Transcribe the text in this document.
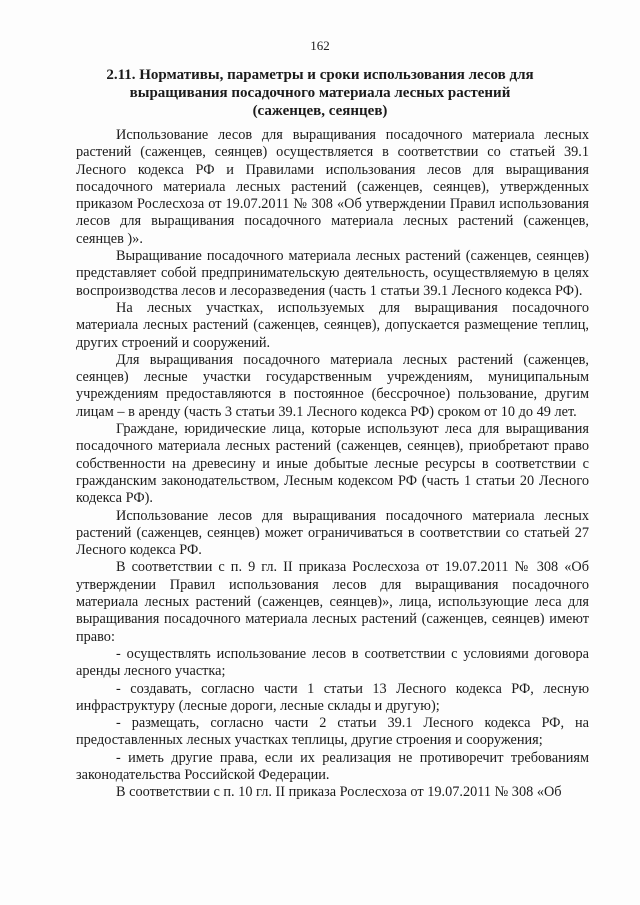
162
2.11. Нормативы, параметры и сроки использования лесов для выращивания посадочного материала лесных растений (саженцев, сеянцев)

Использование лесов для выращивания посадочного материала лесных растений (саженцев, сеянцев) осуществляется в соответствии со статьей 39.1 Лесного кодекса РФ и Правилами использования лесов для выращивания посадочного материала лесных растений (саженцев, сеянцев), утвержденных приказом Рослесхоза от 19.07.2011 № 308 «Об утверждении Правил использования лесов для выращивания посадочного материала лесных растений (саженцев, сеянцев )».

Выращивание посадочного материала лесных растений (саженцев, сеянцев) представляет собой предпринимательскую деятельность, осуществляемую в целях воспроизводства лесов и лесоразведения (часть 1 статьи 39.1 Лесного кодекса РФ).

На лесных участках, используемых для выращивания посадочного материала лесных растений (саженцев, сеянцев), допускается размещение теплиц, других строений и сооружений.

Для выращивания посадочного материала лесных растений (саженцев, сеянцев) лесные участки государственным учреждениям, муниципальным учреждениям предоставляются в постоянное (бессрочное) пользование, другим лицам – в аренду (часть 3 статьи 39.1 Лесного кодекса РФ) сроком от 10 до 49 лет.

Граждане, юридические лица, которые используют леса для выращивания посадочного материала лесных растений (саженцев, сеянцев), приобретают право собственности на древесину и иные добытые лесные ресурсы в соответствии с гражданским законодательством, Лесным кодексом РФ (часть 1 статьи 20 Лесного кодекса РФ).

Использование лесов для выращивания посадочного материала лесных растений (саженцев, сеянцев) может ограничиваться в соответствии со статьей 27 Лесного кодекса РФ.

В соответствии с п. 9 гл. II приказа Рослесхоза от 19.07.2011 № 308 «Об утверждении Правил использования лесов для выращивания посадочного материала лесных растений (саженцев, сеянцев)», лица, использующие леса для выращивания посадочного материала лесных растений (саженцев, сеянцев) имеют право:

- осуществлять использование лесов в соответствии с условиями договора аренды лесного участка;

- создавать, согласно части 1 статьи 13 Лесного кодекса РФ, лесную инфраструктуру (лесные дороги, лесные склады и другую);

- размещать, согласно части 2 статьи 39.1 Лесного кодекса РФ, на предоставленных лесных участках теплицы, другие строения и сооружения;

- иметь другие права, если их реализация не противоречит требованиям законодательства Российской Федерации.

В соответствии с п. 10 гл. II приказа Рослесхоза от 19.07.2011 № 308 «Об
